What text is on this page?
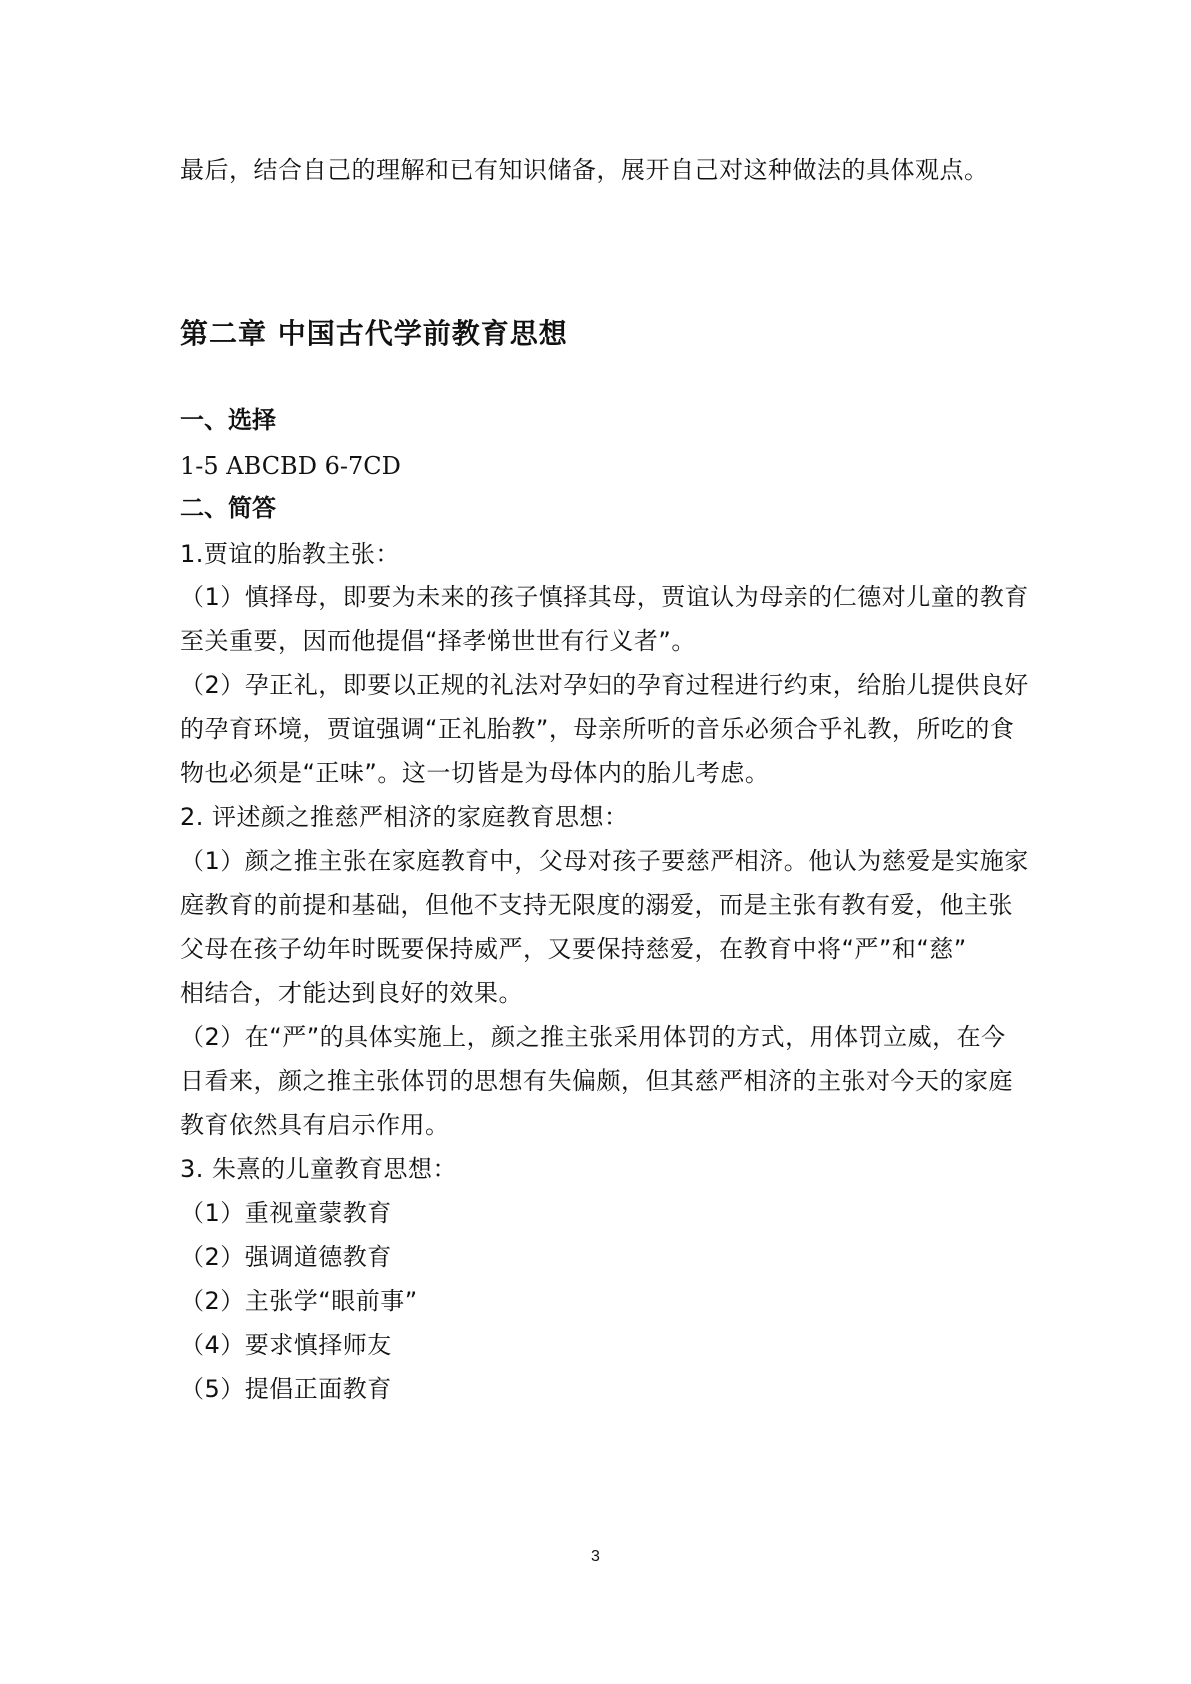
最后，结合自己的理解和已有知识储备，展开自己对这种做法的具体观点。
第二章 中国古代学前教育思想
一、选择
1-5 ABCBD 6-7CD
二、简答
1.贾谊的胎教主张：
（1）慎择母，即要为未来的孩子慎择其母，贾谊认为母亲的仁德对儿童的教育
至关重要，因而他提倡“择孝悌世世有行义者”。
（2）孕正礼，即要以正规的礼法对孕妇的孕育过程进行约束，给胎儿提供良好
的孕育环境，贾谊强调“正礼胎教”，母亲所听的音乐必须合乎礼教，所吃的食
物也必须是“正味”。这一切皆是为母体内的胎儿考虑。
2. 评述颜之推慈严相济的家庭教育思想：
（1）颜之推主张在家庭教育中，父母对孩子要慈严相济。他认为慈爱是实施家
庭教育的前提和基础，但他不支持无限度的溺爱，而是主张有教有爱，他主张
父母在孩子幼年时既要保持威严，又要保持慈爱，在教育中将“严”和“慈”
相结合，才能达到良好的效果。
（2）在“严”的具体实施上，颜之推主张采用体罚的方式，用体罚立威，在今
日看来，颜之推主张体罚的思想有失偏颇，但其慈严相济的主张对今天的家庭
教育依然具有启示作用。
3. 朱熹的儿童教育思想：
（1）重视童蒙教育
（2）强调道德教育
（2）主张学“眼前事”
（4）要求慎择师友
（5）提倡正面教育
3
